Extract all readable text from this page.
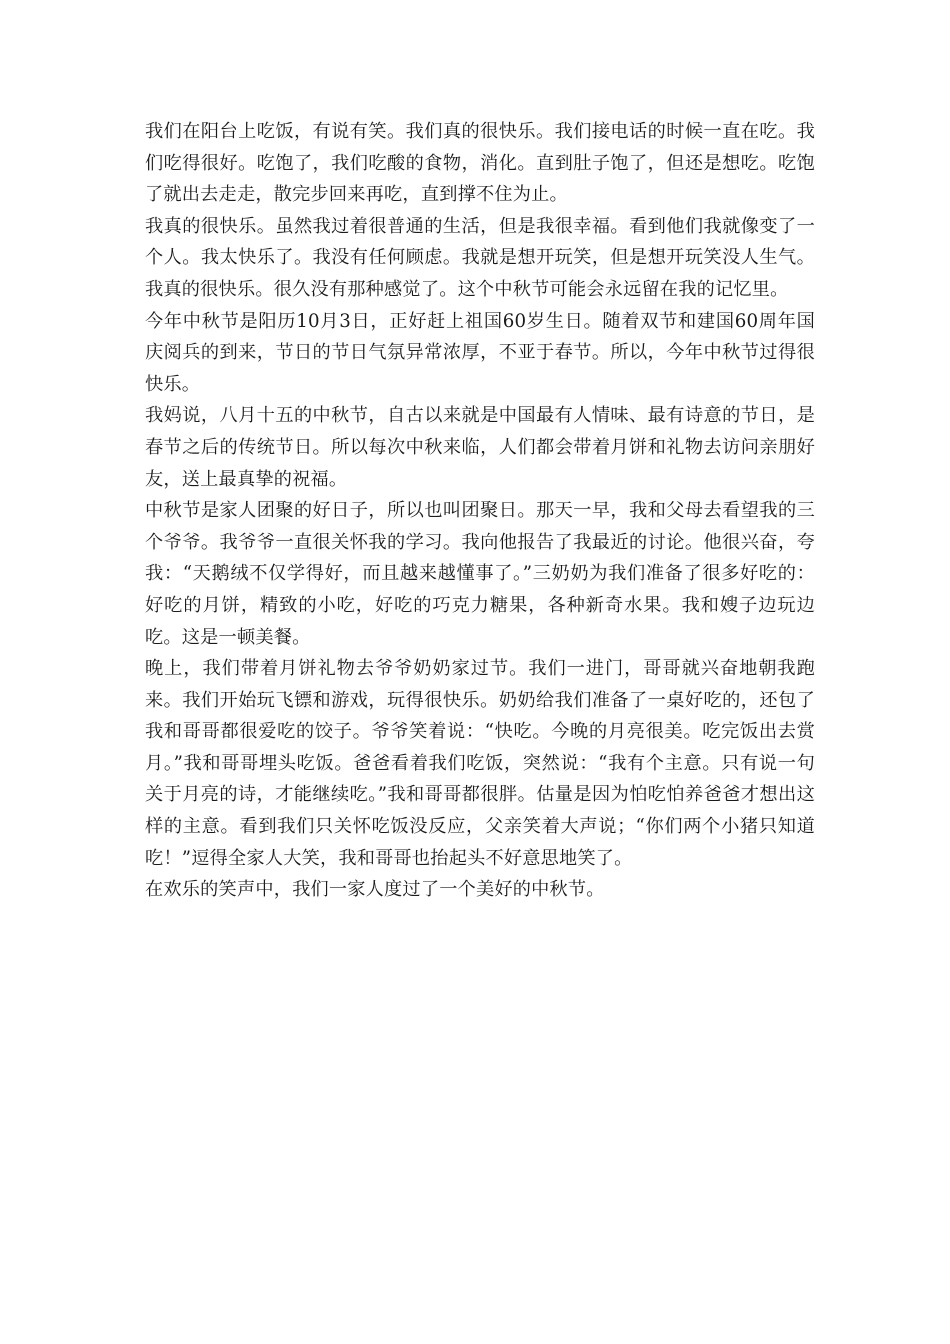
我们在阳台上吃饭，有说有笑。我们真的很快乐。我们接电话的时候一直在吃。我们吃得很好。吃饱了，我们吃酸的食物，消化。直到肚子饱了，但还是想吃。吃饱了就出去走走，散完步回来再吃，直到撑不住为止。

我真的很快乐。虽然我过着很普通的生活，但是我很幸福。看到他们我就像变了一个人。我太快乐了。我没有任何顾虑。我就是想开玩笑，但是想开玩笑没人生气。我真的很快乐。很久没有那种感觉了。这个中秋节可能会永远留在我的记忆里。

今年中秋节是阳历10月3日，正好赶上祖国60岁生日。随着双节和建国60周年国庆阅兵的到来，节日的节日气氛异常浓厚，不亚于春节。所以，今年中秋节过得很快乐。

我妈说，八月十五的中秋节，自古以来就是中国最有人情味、最有诗意的节日，是春节之后的传统节日。所以每次中秋来临，人们都会带着月饼和礼物去访问亲朋好友，送上最真挚的祝福。

中秋节是家人团聚的好日子，所以也叫团聚日。那天一早，我和父母去看望我的三个爷爷。我爷爷一直很关怀我的学习。我向他报告了我最近的讨论。他很兴奋，夸我：“天鹅绒不仅学得好，而且越来越懂事了。”三奶奶为我们准备了很多好吃的：好吃的月饼，精致的小吃，好吃的巧克力糖果，各种新奇水果。我和嫂子边玩边吃。这是一顿美餐。

晚上，我们带着月饼礼物去爷爷奶奶家过节。我们一进门，哥哥就兴奋地朝我跑来。我们开始玩飞镖和游戏，玩得很快乐。奶奶给我们准备了一桌好吃的，还包了我和哥哥都很爱吃的饺子。爷爷笑着说：“快吃。今晚的月亮很美。吃完饭出去赏月。”我和哥哥埋头吃饭。爸爸看着我们吃饭，突然说：“我有个主意。只有说一句关于月亮的诗，才能继续吃。”我和哥哥都很胖。估量是因为怕吃怕养爸爸才想出这样的主意。看到我们只关怀吃饭没反应，父亲笑着大声说；“你们两个小猪只知道吃！”逗得全家人大笑，我和哥哥也抬起头不好意思地笑了。

在欢乐的笑声中，我们一家人度过了一个美好的中秋节。
